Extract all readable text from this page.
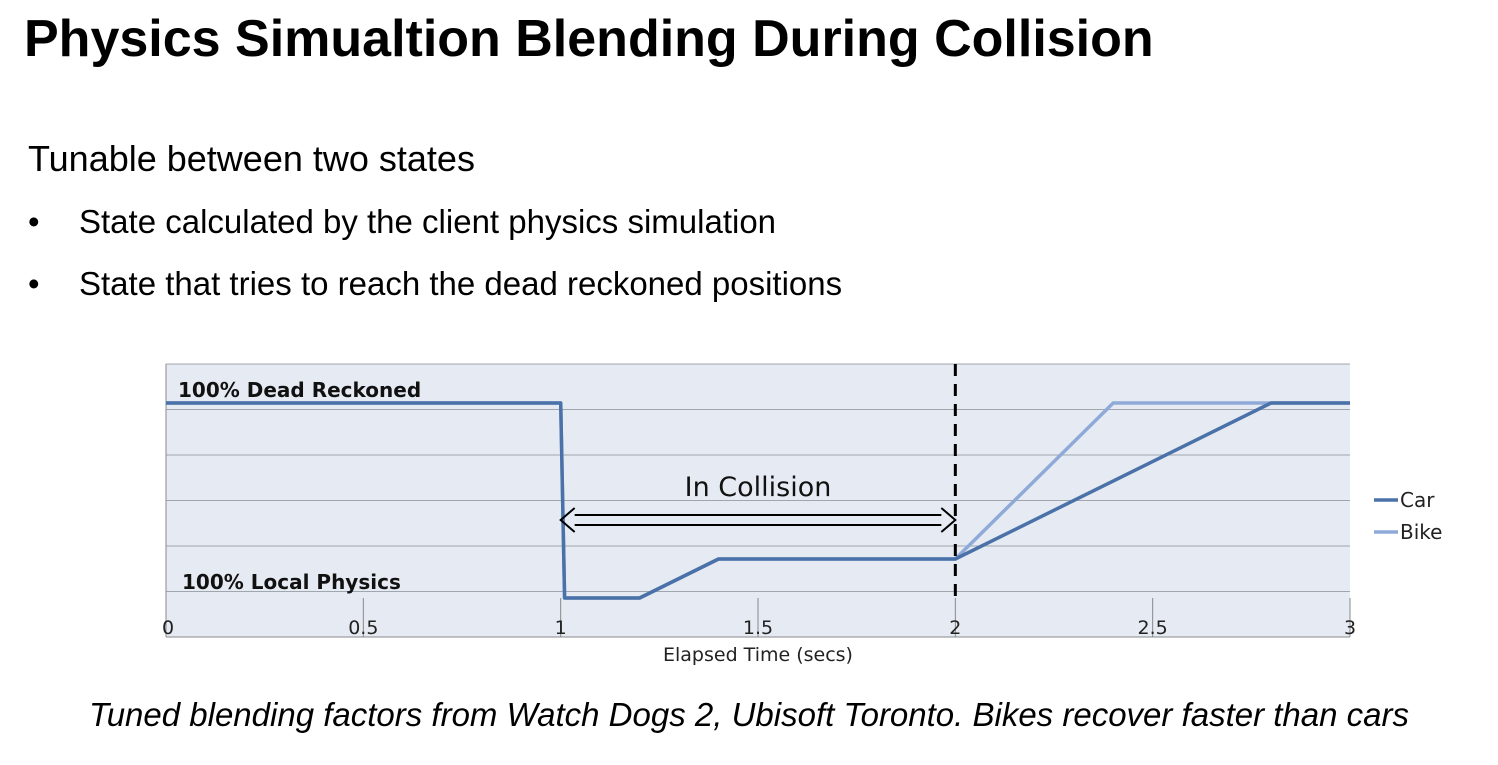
Physics Simualtion Blending During Collision
Tunable between two states
• State calculated by the client physics simulation
• State that tries to reach the dead reckoned positions
0	0.5	1	1.5	2	2.5	3
In Collision
100% Dead Reckoned
100% Local Physics
Elapsed Time (secs)
Car
Bike
Tuned blending factors from Watch Dogs 2, Ubisoft Toronto. Bikes recover faster than cars
